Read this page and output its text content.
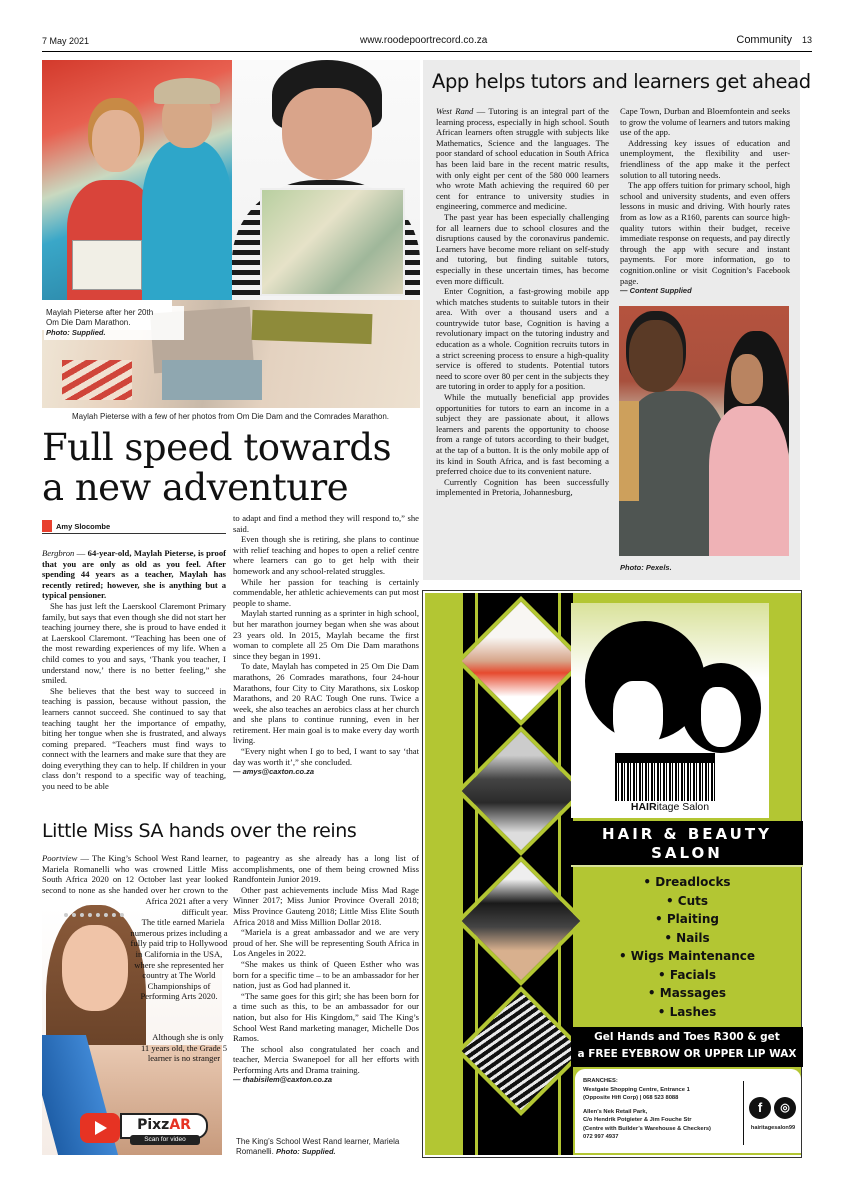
7 May 2021	www.roodepoortrecord.co.za	Community 13
Maylah Pieterse after her 20th
Om Die Dam Marathon.
Photo: Supplied.
Maylah Pieterse with a few of her photos from Om Die Dam and the Comrades Marathon.
Full speed towards
a new adventure
Amy Slocombe

Bergbron — 64-year-old, Maylah Pieterse, is proof that you are only as old as you feel. After spending 44 years as a teacher, Maylah has recently retired; however, she is anything but a typical pensioner.

She has just left the Laerskool Claremont Primary family, but says that even though she did not start her teaching journey there, she is proud to have ended it at Laerskool Claremont. “Teaching has been one of the most rewarding experiences of my life. When a child comes to you and says, ‘Thank you teacher, I understand now,’ there is no better feeling,” she smiled.

She believes that the best way to succeed in teaching is passion, because without passion, the learners cannot succeed. She continued to say that teaching taught her the importance of empathy, biting her tongue when she is frustrated, and always coming prepared. “Teachers must find ways to connect with the learners and make sure that they are doing everything they can to help. If children in your class don’t respond to a specific way of teaching, you need to be able

to adapt and find a method they will respond to,” she said.

Even though she is retiring, she plans to continue with relief teaching and hopes to open a relief centre where learners can go to get help with their homework and any school-related struggles.

While her passion for teaching is certainly commendable, her athletic achievements can put most people to shame.

Maylah started running as a sprinter in high school, but her marathon journey began when she was about 23 years old. In 2015, Maylah became the first woman to complete all 25 Om Die Dam marathons since they began in 1991.

To date, Maylah has competed in 25 Om Die Dam marathons, 26 Comrades marathons, four 24-hour Marathons, four City to City Marathons, six Loskop Marathons, and 20 RAC Tough One runs. Twice a week, she also teaches an aerobics class at her church and she plans to continue running, even in her retirement. Her main goal is to make every day worth living.

“Every night when I go to bed, I want to say ‘that day was worth it’,” she concluded.

— amys@caxton.co.za
App helps tutors and learners get ahead

West Rand — Tutoring is an integral part of the learning process, especially in high school. South African learners often struggle with subjects like Mathematics, Science and the languages. The poor standard of school education in South Africa has been laid bare in the recent matric results, with only eight per cent of the 580 000 learners who wrote Math achieving the required 60 per cent for entrance to university studies in engineering, commerce and medicine.

The past year has been especially challenging for all learners due to school closures and the disruptions caused by the coronavirus pandemic. Learners have become more reliant on self-study and tutoring, but finding suitable tutors, especially in these uncertain times, has become even more difficult.

Enter Cognition, a fast-growing mobile app which matches students to suitable tutors in their area. With over a thousand users and a countrywide tutor base, Cognition is having a revolutionary impact on the tutoring industry and education as a whole. Cognition recruits tutors in a strict screening process to ensure a high-quality service is offered to students. Potential tutors need to score over 80 per cent in the subjects they are tutoring in order to apply for a position.

While the mutually beneficial app provides opportunities for tutors to earn an income in a subject they are passionate about, it allows learners and parents the opportunity to choose from a range of tutors according to their budget, at the tap of a button. It is the only mobile app of its kind in South Africa, and is fast becoming a preferred choice due to its convenient nature.

Currently Cognition has been successfully implemented in Pretoria, Johannesburg,

Cape Town, Durban and Bloemfontein and seeks to grow the volume of learners and tutors making use of the app.

Addressing key issues of education and unemployment, the flexibility and user-friendliness of the app make it the perfect solution to all tutoring needs.

The app offers tuition for primary school, high school and university students, and even offers lessons in music and driving. With hourly rates from as low as a R160, parents can source high-quality tutors within their budget, receive immediate response on requests, and pay directly through the app with secure and instant payments. For more information, go to cognition.online or visit Cognition’s Facebook page.

— Content Supplied
Photo: Pexels.
Little Miss SA hands over the reins

Poortview — The King’s School West Rand learner, Mariela Romanelli who was crowned Little Miss South Africa 2020 on 12 October last year looked second to none as she handed over her crown to the

Africa 2021 after a very difficult year.

The title earned Mariela numerous prizes including a fully paid trip to Hollywood in California in the USA, where she represented her country at The World Championships of Performing Arts 2020.

Although she is only 11 years old, the Grade 5 learner is no stranger

PixzAR
Scan for video

to pageantry as she already has a long list of accomplishments, one of them being crowned Miss Randfontein Junior 2019.

Other past achievements include Miss Mad Rage Winner 2017; Miss Junior Province Overall 2018; Miss Province Gauteng 2018; Little Miss Elite South Africa 2018 and Miss Million Dollar 2018.

“Mariela is a great ambassador and we are very proud of her. She will be representing South Africa in Los Angeles in 2022.

“She makes us think of Queen Esther who was born for a specific time – to be an ambassador for her nation, just as God had planned it.

“The same goes for this girl; she has been born for a time such as this, to be an ambassador for our nation, but also for His Kingdom,” said The King’s School West Rand marketing manager, Michelle Dos Ramos.

The school also congratulated her coach and teacher, Mercia Swanepoel for all her efforts with Performing Arts and Drama training.

— thabisilem@caxton.co.za
The King’s School West Rand learner, Mariela Romanelli. Photo: Supplied.
HAIRitage Salon
HAIR & BEAUTY
SALON
• Dreadlocks
• Cuts
• Plaiting
• Nails
• Wigs Maintenance
• Facials
• Massages
• Lashes
Gel Hands and Toes R300 & get
a FREE EYEBROW OR UPPER LIP WAX
BRANCHES:
Westgate Shopping Centre, Entrance 1
(Opposite Hifi Corp) | 068 523 8088
Allen’s Nek Retail Park,
C/o Hendrik Potgieter & Jim Fouche Str
(Centre with Builder’s Warehouse & Checkers)
072 997 4937
f	◎
hairitagesalon99
